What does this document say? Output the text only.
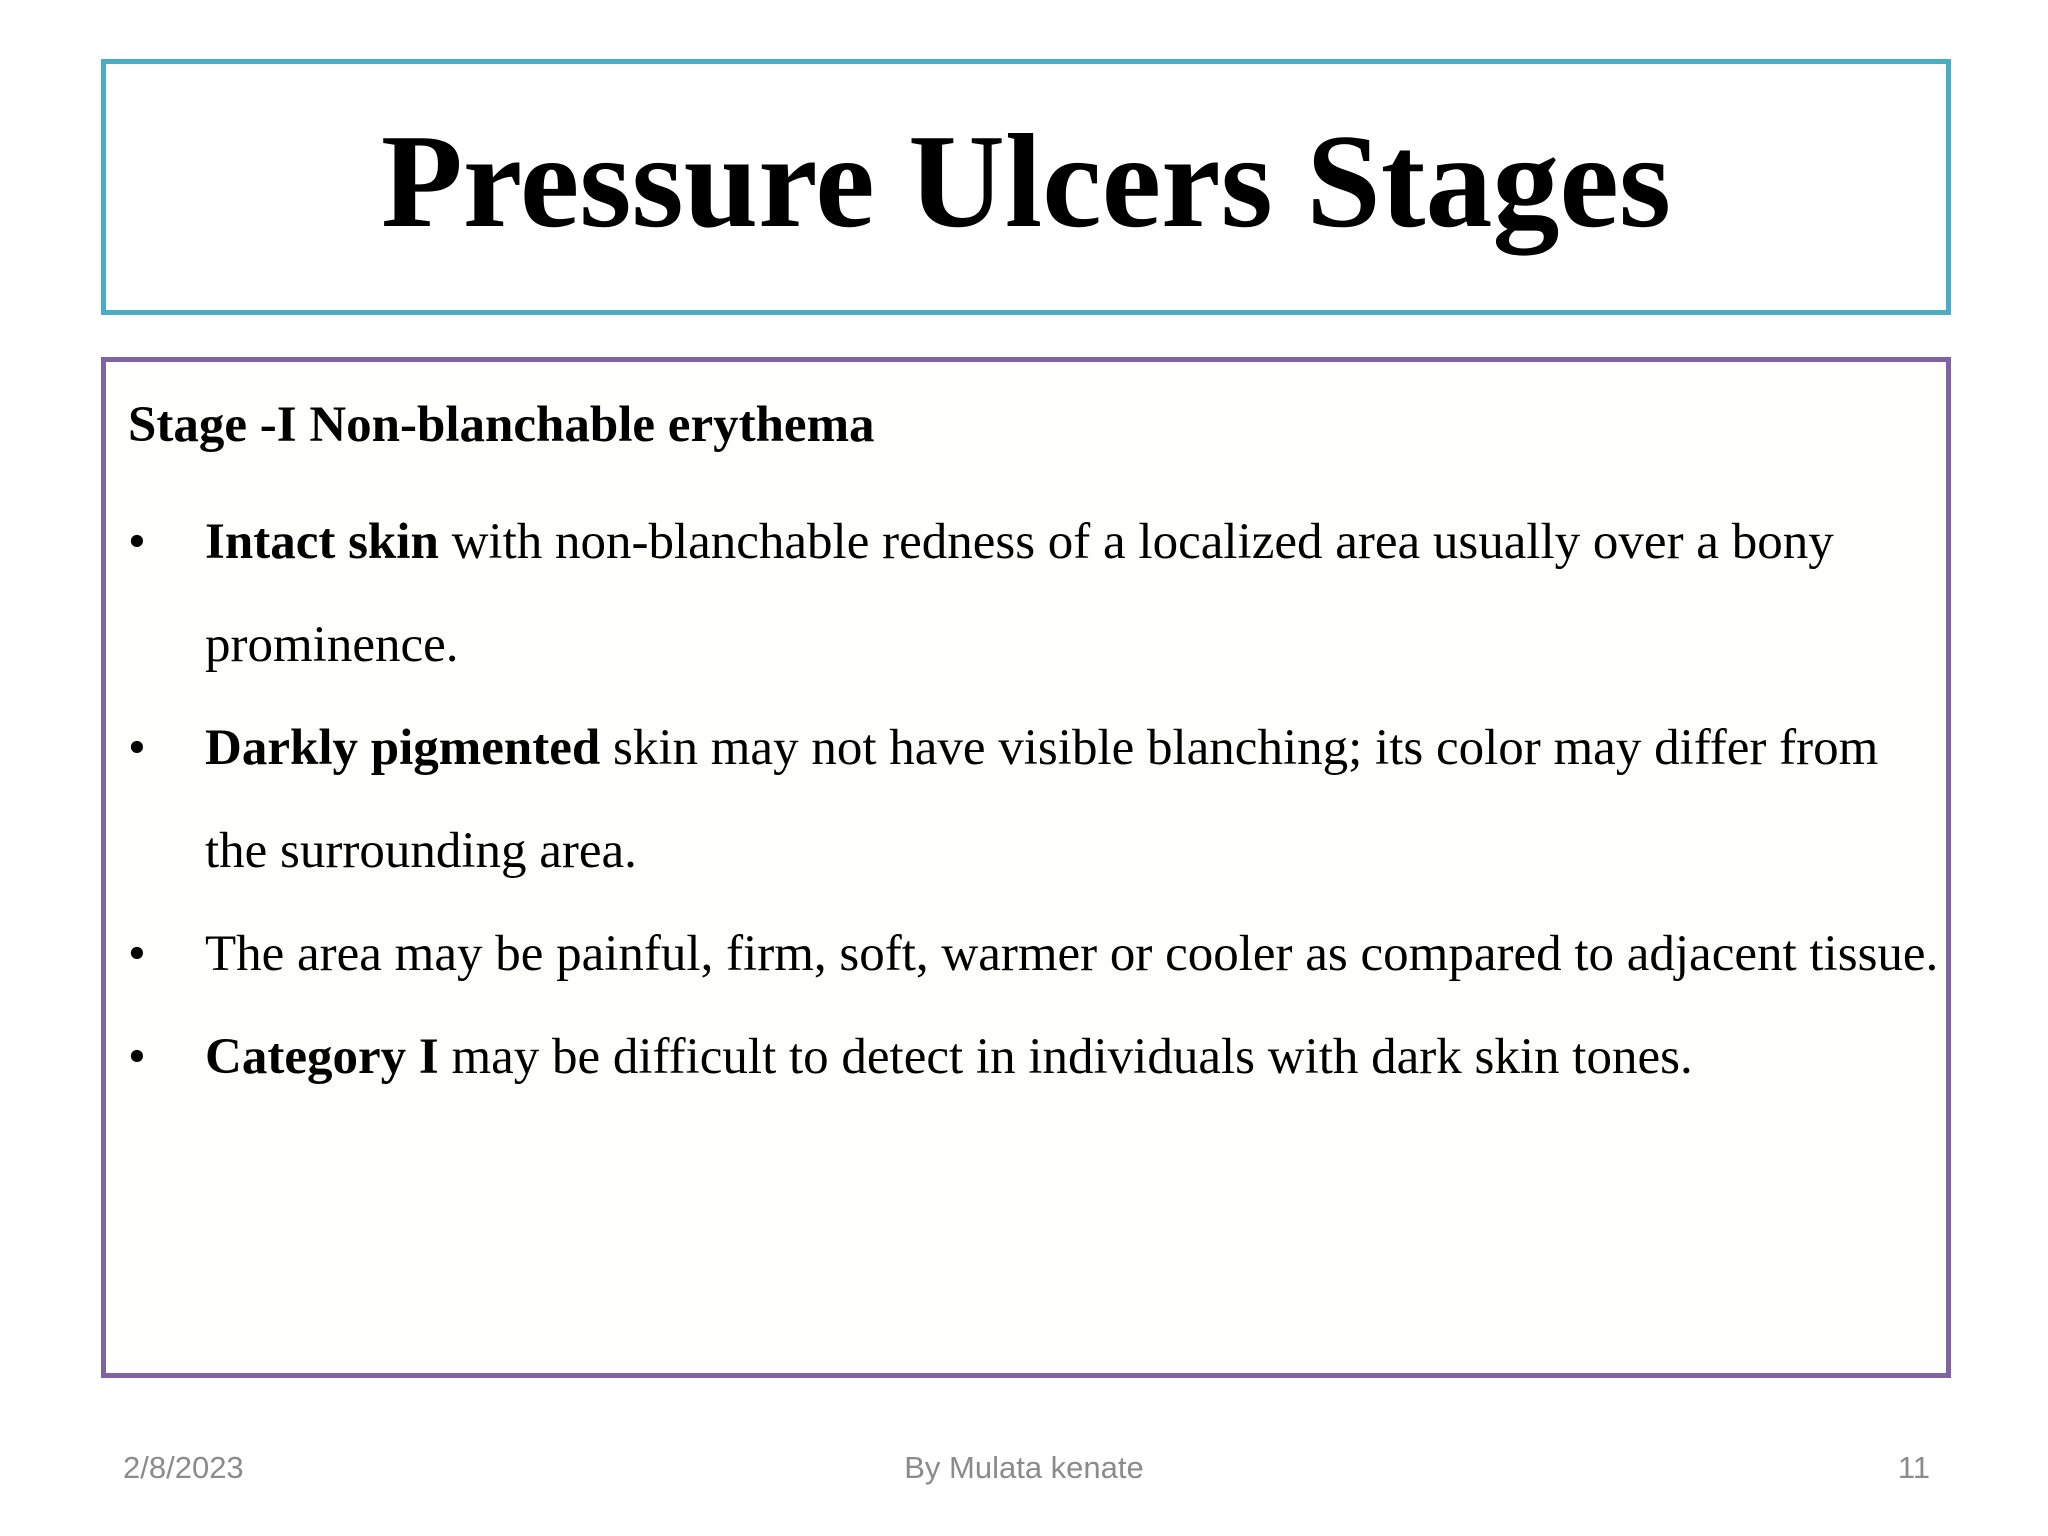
Pressure Ulcers Stages

Stage -I Non-blanchable erythema

• Intact skin with non-blanchable redness of a localized area usually over a bony prominence.
• Darkly pigmented skin may not have visible blanching; its color may differ from the surrounding area.
• The area may be painful, firm, soft, warmer or cooler as compared to adjacent tissue.
• Category I may be difficult to detect in individuals with dark skin tones.
2/8/2023	By Mulata kenate	11
